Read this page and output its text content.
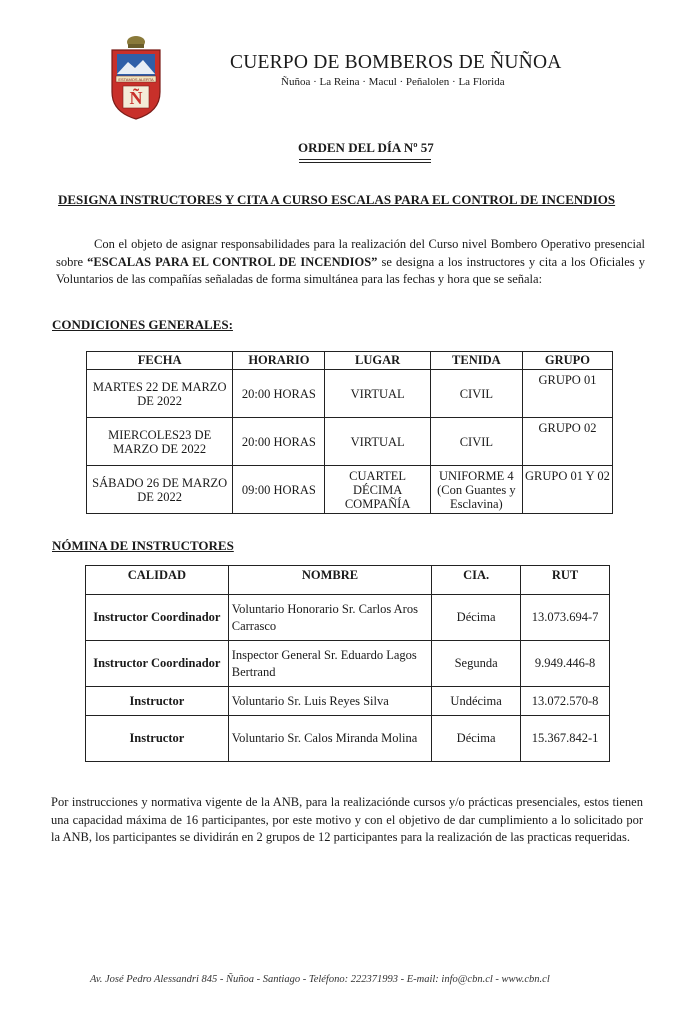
ESTAMOS ALERTA
Ñ
CUERPO DE BOMBEROS DE ÑUÑOA
Ñuñoa · La Reina · Macul · Peñalolen · La Florida
ORDEN DEL DÍA Nº 57
DESIGNA INSTRUCTORES Y CITA A CURSO ESCALAS PARA EL CONTROL DE INCENDIOS

Con el objeto de asignar responsabilidades para la realización del Curso nivel Bombero Operativo presencial sobre “ESCALAS PARA EL CONTROL DE INCENDIOS” se designa a los instructores y cita a los Oficiales y Voluntarios de las compañías señaladas de forma simultánea para las fechas y hora que se señala:

CONDICIONES GENERALES:
FECHA	HORARIO	LUGAR	TENIDA	GRUPO
MARTES 22 DE MARZO DE 2022	20:00 HORAS	VIRTUAL	CIVIL	GRUPO 01
MIERCOLES23 DE MARZO DE 2022	20:00 HORAS	VIRTUAL	CIVIL	GRUPO 02
SÁBADO 26 DE MARZO DE 2022	09:00 HORAS	CUARTEL DÉCIMA COMPAÑÍA	UNIFORME 4 (Con Guantes y Esclavina)	GRUPO 01 Y 02
NÓMINA DE INSTRUCTORES
CALIDAD	NOMBRE	CIA.	RUT
Instructor Coordinador	Voluntario Honorario Sr. Carlos Aros Carrasco	Décima	13.073.694-7
Instructor Coordinador	Inspector General Sr. Eduardo Lagos Bertrand	Segunda	9.949.446-8
Instructor	Voluntario Sr. Luis Reyes Silva	Undécima	13.072.570-8
Instructor	Voluntario Sr. Calos Miranda Molina	Décima	15.367.842-1

Por instrucciones y normativa vigente de la ANB, para la realizaciónde cursos y/o prácticas presenciales, estos tienen una capacidad máxima de 16 participantes, por este motivo y con el objetivo de dar cumplimiento a lo solicitado por la ANB, los participantes se dividirán en 2 grupos de 12 participantes para la realización de las practicas requeridas.

Av. José Pedro Alessandri 845 - Ñuñoa - Santiago - Teléfono: 222371993 - E-mail: info@cbn.cl - www.cbn.cl
